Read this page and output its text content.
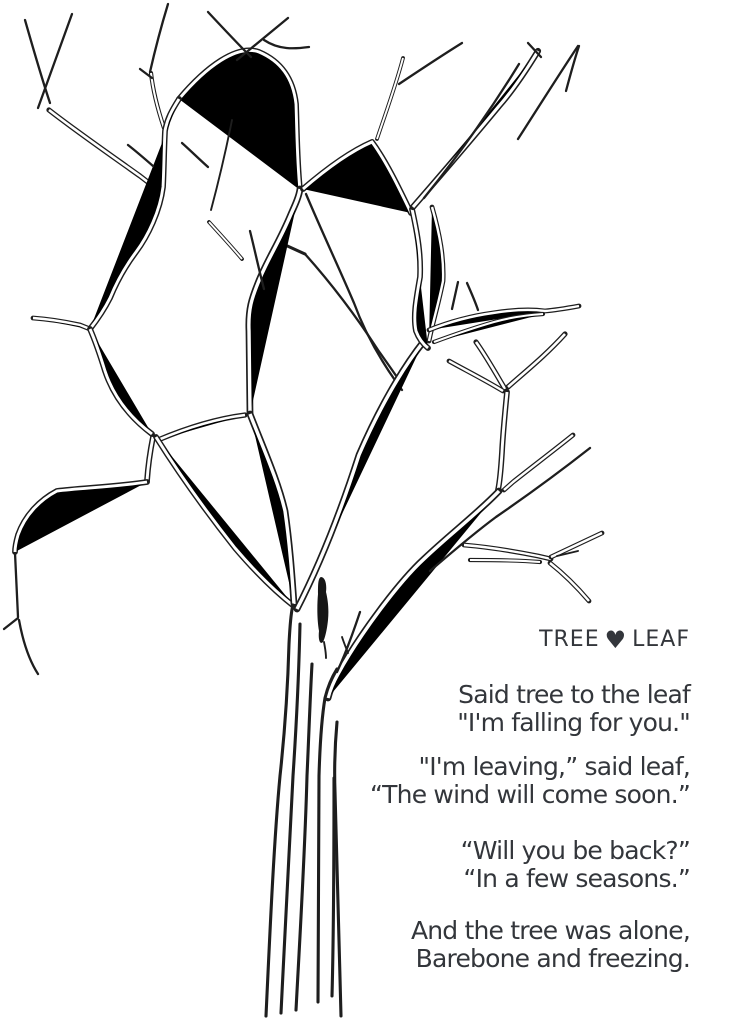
TREE ♥ LEAF
Said tree to the leaf
"I'm falling for you."
"I'm leaving,” said leaf,
“The wind will come soon.”
“Will you be back?”
“In a few seasons.”
And the tree was alone,
Barebone and freezing.
